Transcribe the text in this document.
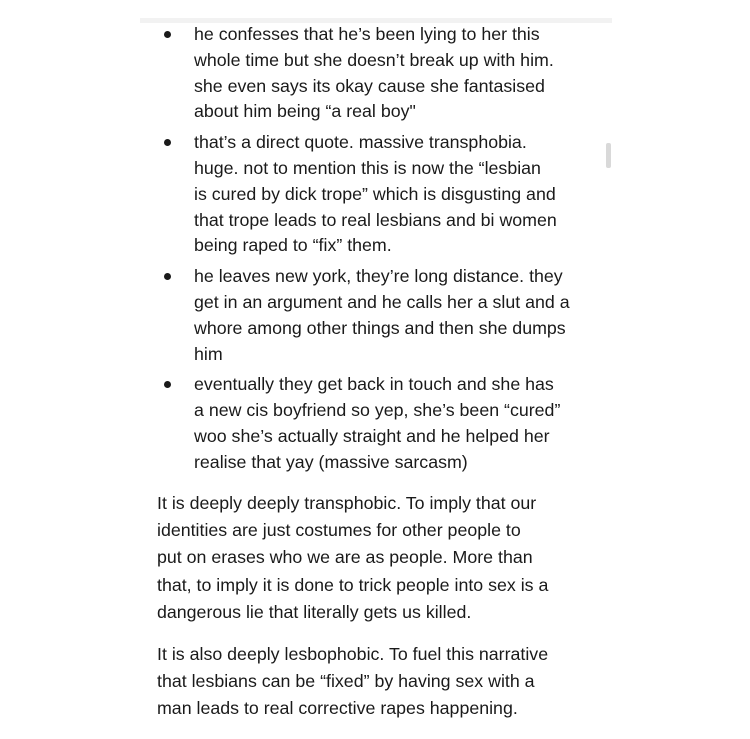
he confesses that he’s been lying to her this
whole time but she doesn’t break up with him.
she even says its okay cause she fantasised
about him being “a real boy"
that’s a direct quote. massive transphobia.
huge. not to mention this is now the “lesbian
is cured by dick trope” which is disgusting and
that trope leads to real lesbians and bi women
being raped to “fix” them.
he leaves new york, they’re long distance. they
get in an argument and he calls her a slut and a
whore among other things and then she dumps
him
eventually they get back in touch and she has
a new cis boyfriend so yep, she’s been “cured”
woo she’s actually straight and he helped her
realise that yay (massive sarcasm)

It is deeply deeply transphobic. To imply that our
identities are just costumes for other people to
put on erases who we are as people. More than
that, to imply it is done to trick people into sex is a
dangerous lie that literally gets us killed.

It is also deeply lesbophobic. To fuel this narrative
that lesbians can be “fixed” by having sex with a
man leads to real corrective rapes happening.
